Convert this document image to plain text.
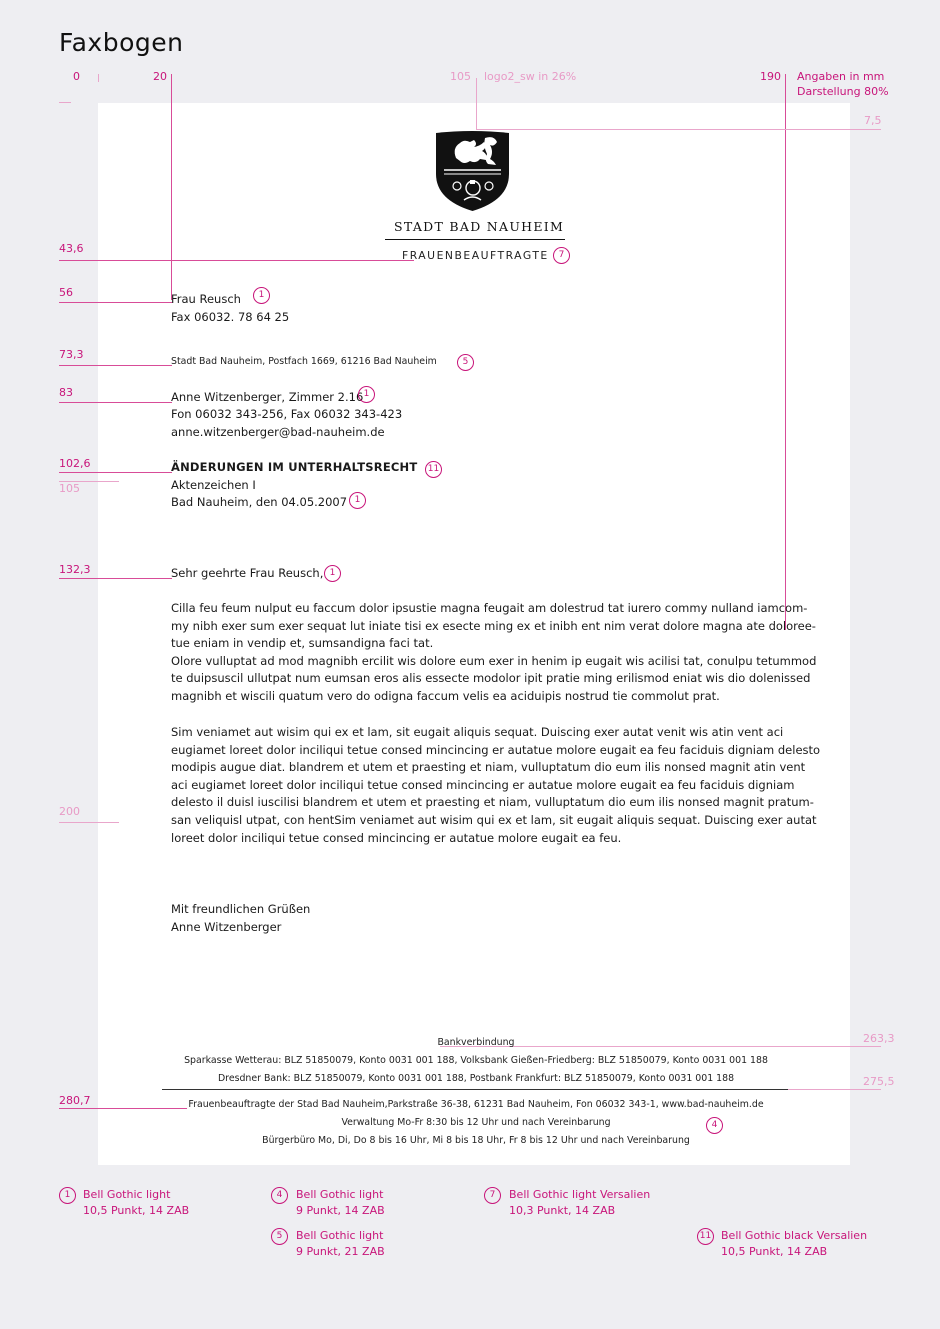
Faxbogen
0	20	105 logo2_sw in 26%	190 Angaben in mm
Darstellung 80%
43,6
56
73,3
83
102,6
105
132,3
200
280,7
7,5
263,3
275,5
STADT BAD NAUHEIM
FRAUENBEAUFTRAGTE
Frau Reusch
Fax 06032. 78 64 25
Stadt Bad Nauheim, Postfach 1669, 61216 Bad Nauheim
Anne Witzenberger, Zimmer 2.16
Fon 06032 343-256, Fax 06032 343-423
anne.witzenberger@bad-nauheim.de
ÄNDERUNGEN IM UNTERHALTSRECHT
Aktenzeichen I
Bad Nauheim, den 04.05.2007
Sehr geehrte Frau Reusch,
Cilla feu feum nulput eu faccum dolor ipsustie magna feugait am dolestrud tat iurero commy nulland iamcom-
my nibh exer sum exer sequat lut iniate tisi ex esecte ming ex et inibh ent nim verat dolore magna ate doloree-
tue eniam in vendip et, sumsandigna faci tat.
Olore vulluptat ad mod magnibh ercilit wis dolore eum exer in henim ip eugait wis acilisi tat, conulpu tetummod
te duipsuscil ullutpat num eumsan eros alis essecte modolor ipit pratie ming erilismod eniat wis dio dolenissed
magnibh et wiscili quatum vero do odigna faccum velis ea aciduipis nostrud tie commolut prat.
Sim veniamet aut wisim qui ex et lam, sit eugait aliquis sequat. Duiscing exer autat venit wis atin vent aci
eugiamet loreet dolor inciliqui tetue consed mincincing er autatue molore eugait ea feu faciduis digniam delesto
modipis augue diat. blandrem et utem et praesting et niam, vulluptatum dio eum ilis nonsed magnit atin vent
aci eugiamet loreet dolor inciliqui tetue consed mincincing er autatue molore eugait ea feu faciduis digniam
delesto il duisl iuscilisi blandrem et utem et praesting et niam, vulluptatum dio eum ilis nonsed magnit pratum-
san veliquisl utpat, con hentSim veniamet aut wisim qui ex et lam, sit eugait aliquis sequat. Duiscing exer autat
loreet dolor inciliqui tetue consed mincincing er autatue molore eugait ea feu.
Mit freundlichen Grüßen
Anne Witzenberger
Bankverbindung
Sparkasse Wetterau: BLZ 51850079, Konto 0031 001 188, Volksbank Gießen-Friedberg: BLZ 51850079, Konto 0031 001 188
Dresdner Bank: BLZ 51850079, Konto 0031 001 188, Postbank Frankfurt: BLZ 51850079, Konto 0031 001 188
Frauenbeauftragte der Stad Bad Nauheim,Parkstraße 36-38, 61231 Bad Nauheim, Fon 06032 343-1, www.bad-nauheim.de
Verwaltung Mo-Fr 8:30 bis 12 Uhr und nach Vereinbarung
Bürgerbüro Mo, Di, Do 8 bis 16 Uhr, Mi 8 bis 18 Uhr, Fr 8 bis 12 Uhr und nach Vereinbarung
7
1
5
1
11
1
1
4
1	Bell Gothic light
10,5 Punkt, 14 ZAB
4	Bell Gothic light
9 Punkt, 14 ZAB
5	Bell Gothic light
9 Punkt, 21 ZAB
7	Bell Gothic light Versalien
10,3 Punkt, 14 ZAB
11 Bell Gothic black Versalien
10,5 Punkt, 14 ZAB
